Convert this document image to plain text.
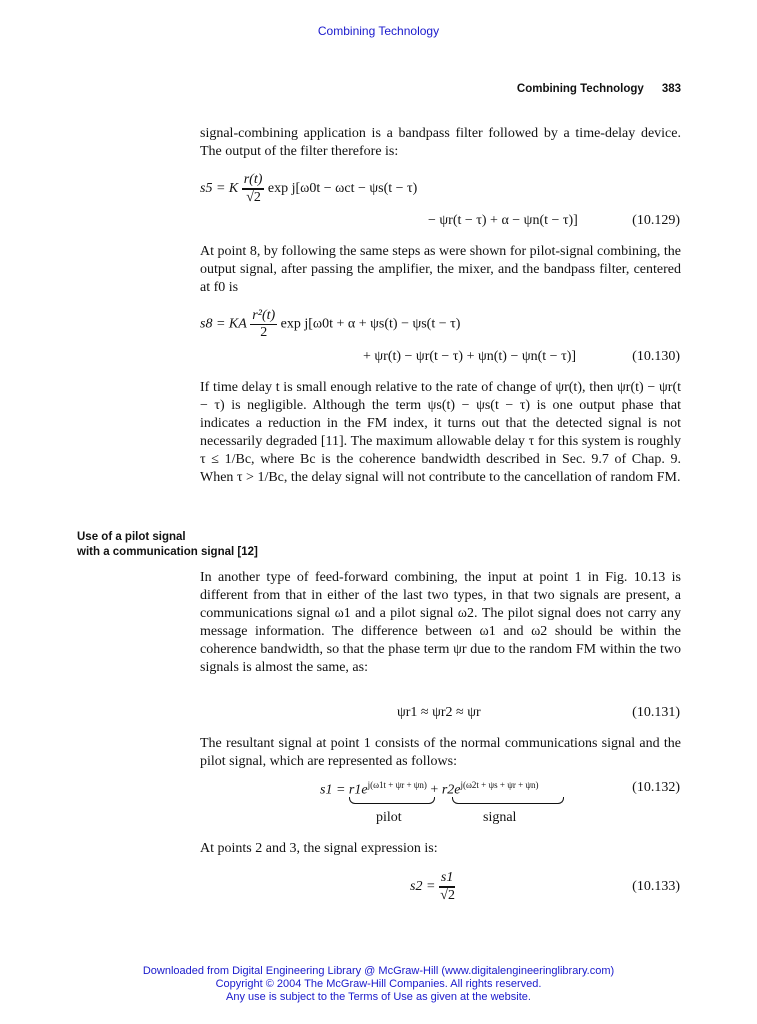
Combining Technology
Combining Technology 383
signal-combining application is a bandpass filter followed by a time-delay device. The output of the filter therefore is:
s5 = K $\frac{r(t)}{√2}$ exp j[ω0t − ωct − ψs(t − τ)
− ψr(t − τ) + α − ψn(t − τ)]	(10.129)
At point 8, by following the same steps as were shown for pilot-signal combining, the output signal, after passing the amplifier, the mixer, and the bandpass filter, centered at f0 is
s8 = KA $\frac{\text{r²(t)}}{2}$ exp j[ω0t + α + ψs(t) − ψs(t − τ)
+ ψr(t) − ψr(t − τ) + ψn(t) − ψn(t − τ)]	(10.130)
If time delay t is small enough relative to the rate of change of ψr(t), then ψr(t) − ψr(t − τ) is negligible. Although the term ψs(t) − ψs(t − τ) is one output phase that indicates a reduction in the FM index, it turns out that the detected signal is not necessarily degraded [11]. The maximum allowable delay τ for this system is roughly τ ≤ 1/Bc, where Bc is the coherence bandwidth described in Sec. 9.7 of Chap. 9. When τ > 1/Bc, the delay signal will not contribute to the cancellation of random FM.
Use of a pilot signal
with a communication signal [12]
In another type of feed-forward combining, the input at point 1 in Fig. 10.13 is different from that in either of the last two types, in that two signals are present, a communications signal ω1 and a pilot signal ω2. The pilot signal does not carry any message information. The difference between ω1 and ω2 should be within the coherence bandwidth, so that the phase term ψr due to the random FM within the two signals is almost the same, as:
ψr1 ≈ ψr2 ≈ ψr	(10.131)
The resultant signal at point 1 consists of the normal communications signal and the pilot signal, which are represented as follows:
$s1 = r1e^{j(\omega 1t + \psi r + \psi n)} + r2e^{j(\omega 2t + \psi s + \psi r + \psi n)}$
pilot	signal
(10.132)
At points 2 and 3, the signal expression is:
$s2 = \frac{s1}{√2}$	(10.133)
Downloaded from Digital Engineering Library @ McGraw-Hill (www.digitalengineeringlibrary.com)
Copyright © 2004 The McGraw-Hill Companies. All rights reserved.
Any use is subject to the Terms of Use as given at the website.
